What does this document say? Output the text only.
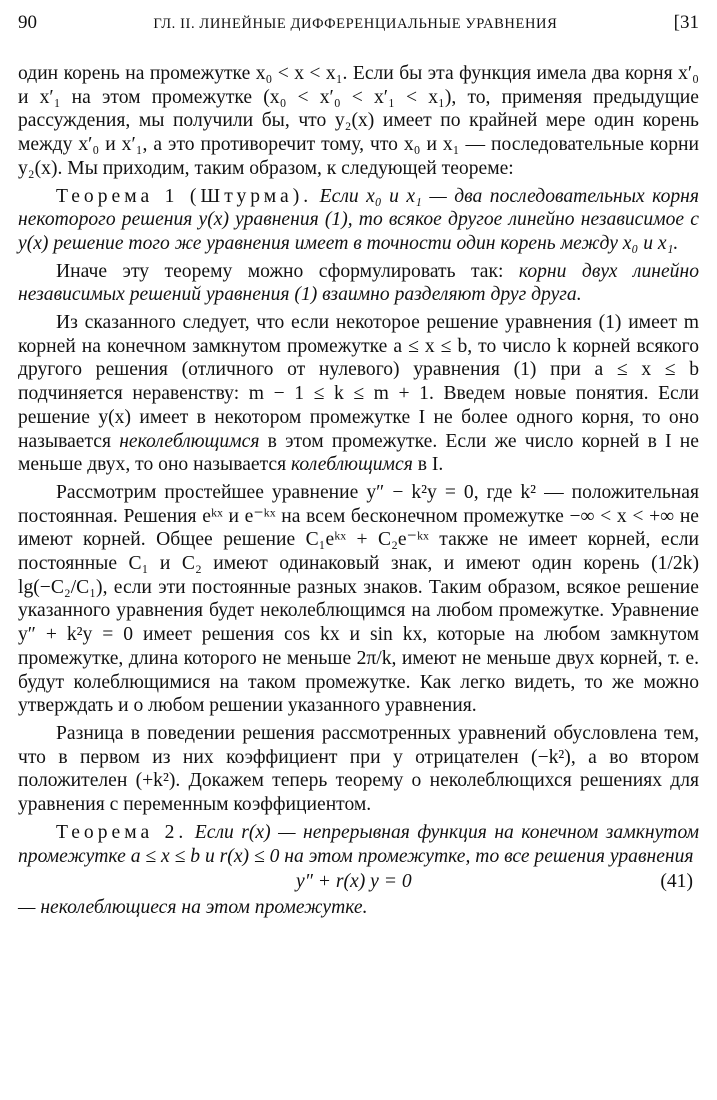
90	ГЛ. II. ЛИНЕЙНЫЕ ДИФФЕРЕНЦИАЛЬНЫЕ УРАВНЕНИЯ	[31

один корень на промежутке x₀ < x < x₁. Если бы эта функция имела два корня x′₀ и x′₁ на этом промежутке (x₀ < x′₀ < x′₁ < x₁), то, применяя предыдущие рассуждения, мы получили бы, что y₂(x) имеет по крайней мере один корень между x′₀ и x′₁, а это противоречит тому, что x₀ и x₁ — последовательные корни y₂(x). Мы приходим, таким образом, к следующей теореме:

Теорема 1 (Штурма). Если x₀ и x₁ — два последовательных корня некоторого решения y(x) уравнения (1), то всякое другое линейно независимое с y(x) решение того же уравнения имеет в точности один корень между x₀ и x₁.

Иначе эту теорему можно сформулировать так: корни двух линейно независимых решений уравнения (1) взаимно разделяют друг друга.

Из сказанного следует, что если некоторое решение уравнения (1) имеет m корней на конечном замкнутом промежутке a ≤ x ≤ b, то число k корней всякого другого решения (отличного от нулевого) уравнения (1) при a ≤ x ≤ b подчиняется неравенству: m − 1 ≤ k ≤ m + 1. Введем новые понятия. Если решение y(x) имеет в некотором промежутке I не более одного корня, то оно называется неколеблющимся в этом промежутке. Если же число корней в I не меньше двух, то оно называется колеблющимся в I.

Рассмотрим простейшее уравнение y″ − k²y = 0, где k² — положительная постоянная. Решения eᵏˣ и e⁻ᵏˣ на всем бесконечном промежутке −∞ < x < +∞ не имеют корней. Общее решение C₁eᵏˣ + C₂e⁻ᵏˣ также не имеет корней, если постоянные C₁ и C₂ имеют одинаковый знак, и имеют один корень (1/2k) lg(−C₂/C₁), если эти постоянные разных знаков. Таким образом, всякое решение указанного уравнения будет неколеблющимся на любом промежутке. Уравнение y″ + k²y = 0 имеет решения cos kx и sin kx, которые на любом замкнутом промежутке, длина которого не меньше 2π/k, имеют не меньше двух корней, т. е. будут колеблющимися на таком промежутке. Как легко видеть, то же можно утверждать и о любом решении указанного уравнения.

Разница в поведении решения рассмотренных уравнений обусловлена тем, что в первом из них коэффициент при y отрицателен (−k²), а во втором положителен (+k²). Докажем теперь теорему о неколеблющихся решениях для уравнения с переменным коэффициентом.

Теорема 2. Если r(x) — непрерывная функция на конечном замкнутом промежутке a ≤ x ≤ b и r(x) ≤ 0 на этом промежутке, то все решения уравнения

y″ + r(x) y = 0	(41)

— неколеблющиеся на этом промежутке.
